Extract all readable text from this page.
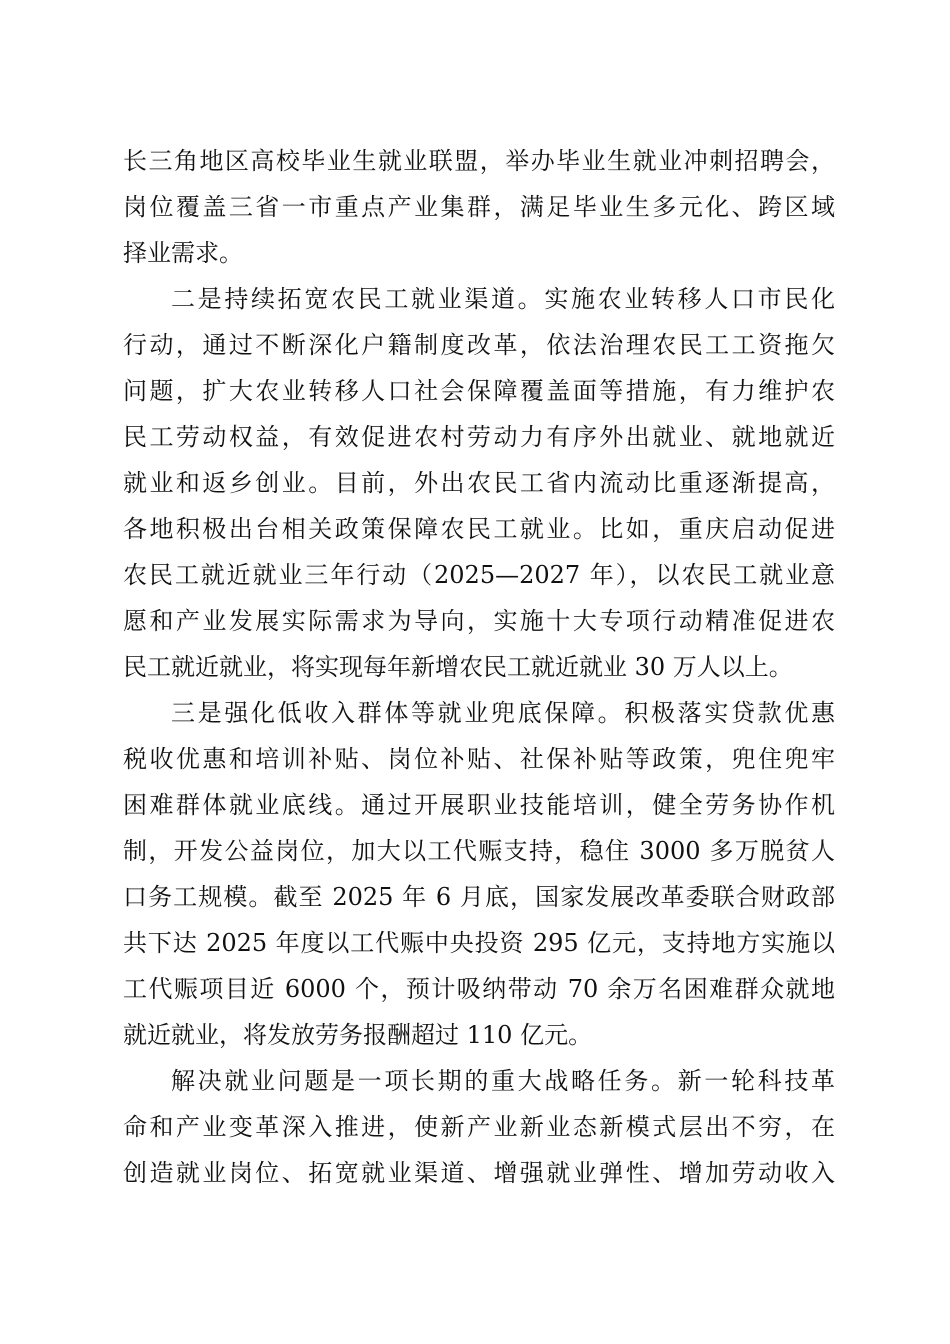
长三角地区高校毕业生就业联盟，举办毕业生就业冲刺招聘会，
岗位覆盖三省一市重点产业集群，满足毕业生多元化、跨区域
择业需求。
二是持续拓宽农民工就业渠道。实施农业转移人口市民化
行动，通过不断深化户籍制度改革，依法治理农民工工资拖欠
问题，扩大农业转移人口社会保障覆盖面等措施，有力维护农
民工劳动权益，有效促进农村劳动力有序外出就业、就地就近
就业和返乡创业。目前，外出农民工省内流动比重逐渐提高，
各地积极出台相关政策保障农民工就业。比如，重庆启动促进
农民工就近就业三年行动（2025—2027 年），以农民工就业意
愿和产业发展实际需求为导向，实施十大专项行动精准促进农
民工就近就业，将实现每年新增农民工就近就业 30 万人以上。
三是强化低收入群体等就业兜底保障。积极落实贷款优惠
税收优惠和培训补贴、岗位补贴、社保补贴等政策，兜住兜牢
困难群体就业底线。通过开展职业技能培训，健全劳务协作机
制，开发公益岗位，加大以工代赈支持，稳住 3000 多万脱贫人
口务工规模。截至 2025 年 6 月底，国家发展改革委联合财政部
共下达 2025 年度以工代赈中央投资 295 亿元，支持地方实施以
工代赈项目近 6000 个，预计吸纳带动 70 余万名困难群众就地
就近就业，将发放劳务报酬超过 110 亿元。
解决就业问题是一项长期的重大战略任务。新一轮科技革
命和产业变革深入推进，使新产业新业态新模式层出不穷，在
创造就业岗位、拓宽就业渠道、增强就业弹性、增加劳动收入
